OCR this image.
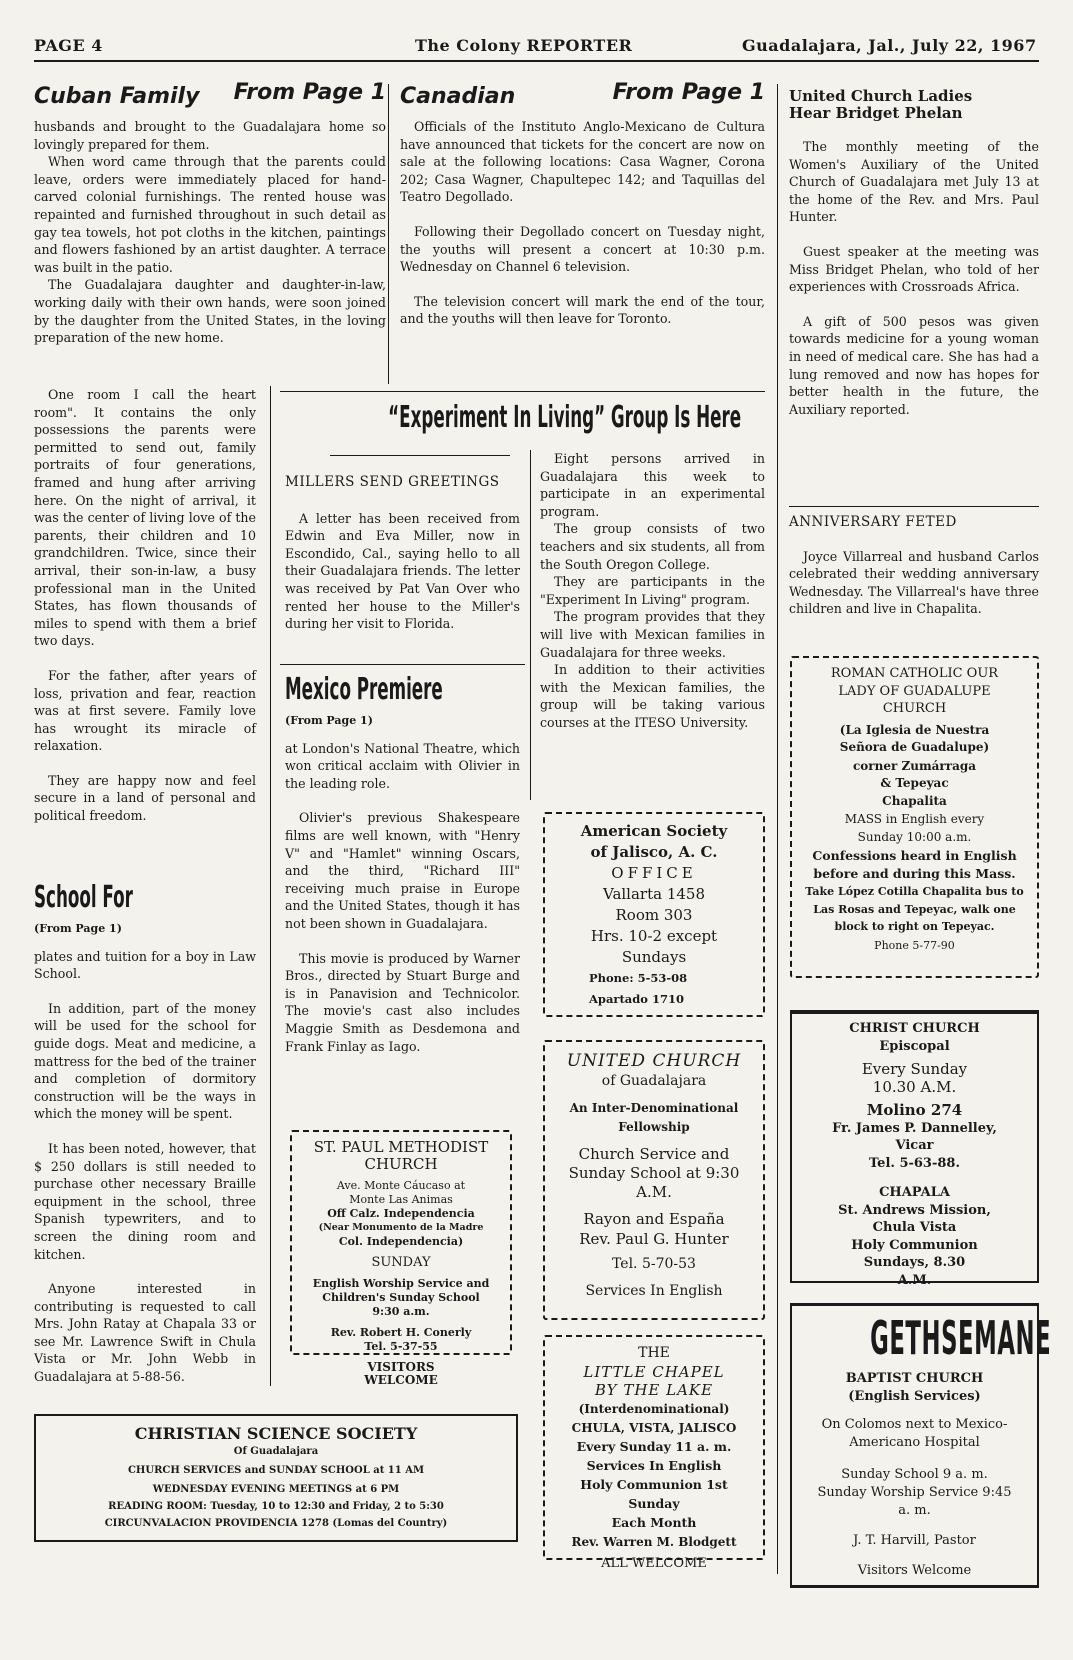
PAGE 4	The Colony REPORTER	Guadalajara, Jal., July 22, 1967
Cuban Family From Page 1

husbands and brought to the Guadalajara home so lovingly prepared for them.

When word came through that the parents could leave, orders were immediately placed for hand-carved colonial furnishings. The rented house was repainted and furnished throughout in such detail as gay tea towels, hot pot cloths in the kitchen, paintings and flowers fashioned by an artist daughter. A terrace was built in the patio.

The Guadalajara daughter and daughter-in-law, working daily with their own hands, were soon joined by the daughter from the United States, in the loving preparation of the new home.

One room I call the heart room". It contains the only possessions the parents were permitted to send out, family portraits of four generations, framed and hung after arriving here. On the night of arrival, it was the center of living love of the parents, their children and 10 grandchildren. Twice, since their arrival, their son-in-law, a busy professional man in the United States, has flown thousands of miles to spend with them a brief two days.

For the father, after years of loss, privation and fear, reaction was at first severe. Family love has wrought its miracle of relaxation.

They are happy now and feel secure in a land of personal and political freedom.

School For
(From Page 1)

plates and tuition for a boy in Law School.

In addition, part of the money will be used for the school for guide dogs. Meat and medicine, a mattress for the bed of the trainer and completion of dormitory construction will be the ways in which the money will be spent.

It has been noted, however, that $ 250 dollars is still needed to purchase other necessary Braille equipment in the school, three Spanish typewriters, and to screen the dining room and kitchen.

Anyone interested in contributing is requested to call Mrs. John Ratay at Chapala 33 or see Mr. Lawrence Swift in Chula Vista or Mr. John Webb in Guadalajara at 5-88-56.

Canadian	From Page 1

Officials of the Instituto Anglo-Mexicano de Cultura have announced that tickets for the concert are now on sale at the following locations: Casa Wagner, Corona 202; Casa Wagner, Chapultepec 142; and Taquillas del Teatro Degollado.

Following their Degollado concert on Tuesday night, the youths will present a concert at 10:30 p.m. Wednesday on Channel 6 television.

The television concert will mark the end of the tour, and the youths will then leave for Toronto.

“Experiment In Living” Group Is Here
MILLERS SEND GREETINGS

A letter has been received from Edwin and Eva Miller, now in Escondido, Cal., saying hello to all their Guadalajara friends. The letter was received by Pat Van Over who rented her house to the Miller's during her visit to Florida.

Mexico Premiere
(From Page 1)

at London's National Theatre, which won critical acclaim with Olivier in the leading role.

Olivier's previous Shakespeare films are well known, with "Henry V" and "Hamlet" winning Oscars, and the third, "Richard III" receiving much praise in Europe and the United States, though it has not been shown in Guadalajara.

This movie is produced by Warner Bros., directed by Stuart Burge and is in Panavision and Technicolor. The movie's cast also includes Maggie Smith as Desdemona and Frank Finlay as Iago.

Eight persons arrived in Guadalajara this week to participate in an experimental program.

The group consists of two teachers and six students, all from the South Oregon College.

They are participants in the "Experiment In Living" program.

The program provides that they will live with Mexican families in Guadalajara for three weeks.

In addition to their activities with the Mexican families, the group will be taking various courses at the ITESO University.

ST. PAUL METHODIST CHURCH
Ave. Monte Cáucaso at
Monte Las Animas
Off Calz. Independencia
(Near Monumento de la Madre
Col. Independencia)
SUNDAY
English Worship Service and
Children's Sunday School
9:30 a.m.
Rev. Robert H. Conerly
Tel. 5-37-55
VISITORS WELCOME
CHRISTIAN SCIENCE SOCIETY
Of Guadalajara
CHURCH SERVICES and SUNDAY SCHOOL at 11 AM
WEDNESDAY EVENING MEETINGS at 6 PM
READING ROOM: Tuesday, 10 to 12:30 and Friday, 2 to 5:30
CIRCUNVALACION PROVIDENCIA 1278 (Lomas del Country)
American Society
of Jalisco, A. C.
OFFICE
Vallarta 1458
Room 303
Hrs. 10-2 except
Sundays
Phone: 5-53-08
Apartado 1710
UNITED CHURCH
of Guadalajara
An Inter-Denominational Fellowship
Church Service and Sunday School at 9:30 A.M.
Rayon and España
Rev. Paul G. Hunter
Tel. 5-70-53
Services In English
THE
LITTLE CHAPEL BY THE LAKE
(Interdenominational)
CHULA, VISTA, JALISCO
Every Sunday 11 a. m.
Services In English
Holy Communion 1st
Sunday
Each Month
Rev. Warren M. Blodgett
ALL WELCOME
United Church Ladies Hear Bridget Phelan

The monthly meeting of the Women's Auxiliary of the United Church of Guadalajara met July 13 at the home of the Rev. and Mrs. Paul Hunter.

Guest speaker at the meeting was Miss Bridget Phelan, who told of her experiences with Crossroads Africa.

A gift of 500 pesos was given towards medicine for a young woman in need of medical care. She has had a lung removed and now has hopes for better health in the future, the Auxiliary reported.

ANNIVERSARY FETED

Joyce Villarreal and husband Carlos celebrated their wedding anniversary Wednesday. The Villarreal's have three children and live in Chapalita.

ROMAN CATHOLIC OUR LADY OF GUADALUPE CHURCH
(La Iglesia de Nuestra Señora de Guadalupe)
corner Zumárraga & Tepeyac Chapalita
MASS in English every Sunday 10:00 a.m.
Confessions heard in English before and during this Mass.
Take López Cotilla Chapalita bus to Las Rosas and Tepeyac, walk one block to right on Tepeyac.
Phone 5-77-90
CHRIST CHURCH
Episcopal
Every Sunday 10.30 A.M.
Molino 274
Fr. James P. Dannelley, Vicar
Tel. 5-63-88.
CHAPALA
St. Andrews Mission, Chula Vista
Holy Communion Sundays, 8.30 A.M.
GETHSEMANE
BAPTIST CHURCH
(English Services)
On Colomos next to Mexico-Americano Hospital
Sunday School 9 a. m.
Sunday Worship Service 9:45 a. m.
J. T. Harvill, Pastor
Visitors Welcome
